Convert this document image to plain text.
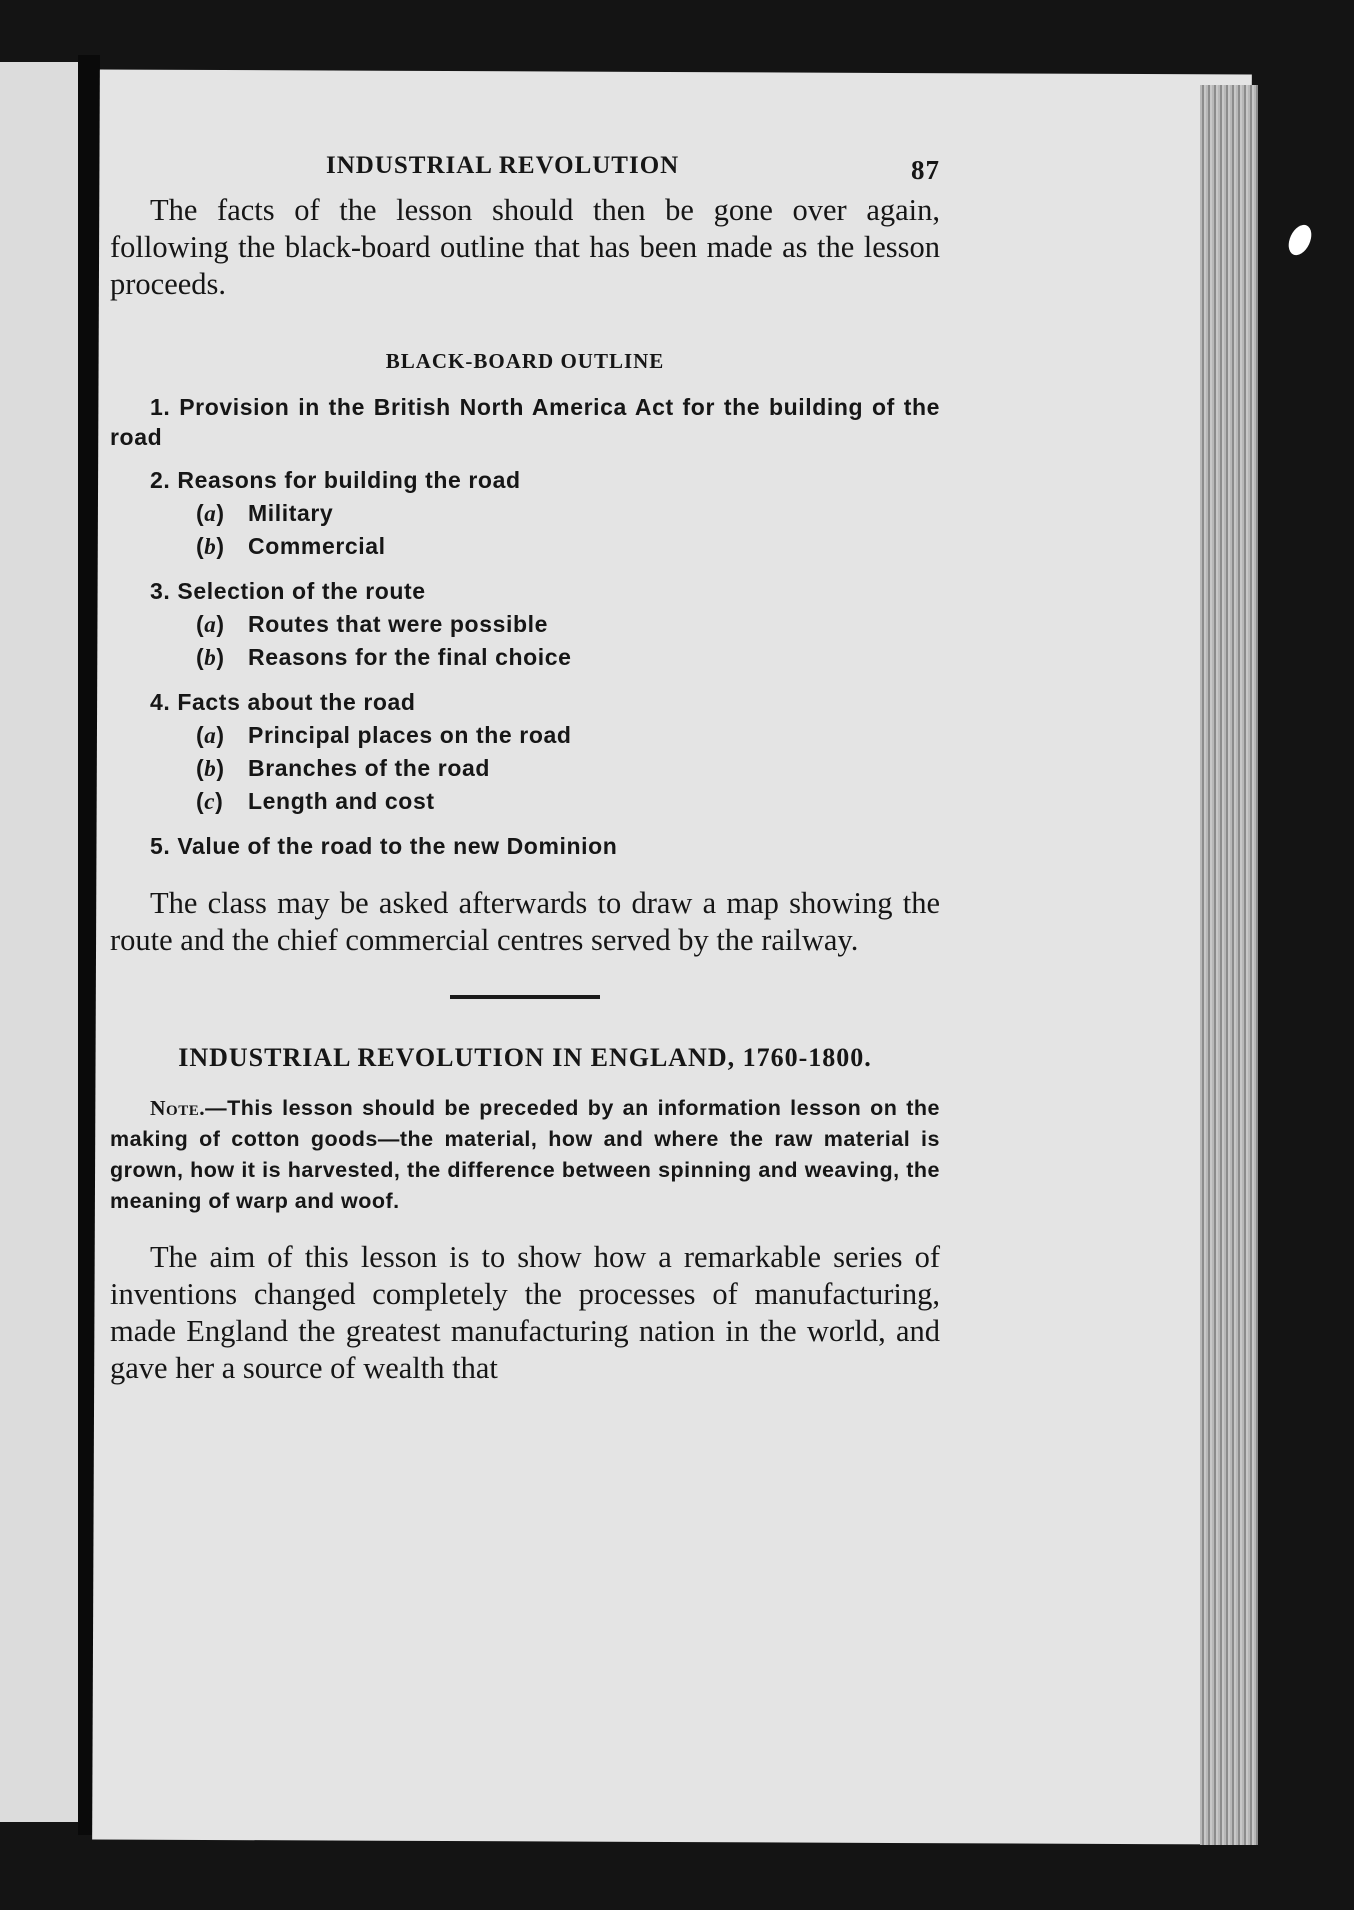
INDUSTRIAL REVOLUTION	87

The facts of the lesson should then be gone over again, following the black-board outline that has been made as the lesson proceeds.

BLACK-BOARD OUTLINE
1. Provision in the British North America Act for the building of the road
2. Reasons for building the road
(a) Military
(b) Commercial
3. Selection of the route
(a) Routes that were possible
(b) Reasons for the final choice
4. Facts about the road
(a) Principal places on the road
(b) Branches of the road
(c) Length and cost
5. Value of the road to the new Dominion

The class may be asked afterwards to draw a map showing the route and the chief commercial centres served by the railway.

INDUSTRIAL REVOLUTION IN ENGLAND, 1760-1800.
Note.—This lesson should be preceded by an information lesson on the making of cotton goods—the material, how and where the raw material is grown, how it is harvested, the difference between spinning and weaving, the meaning of warp and woof.

The aim of this lesson is to show how a remarkable series of inventions changed completely the processes of manufacturing, made England the greatest manufacturing nation in the world, and gave her a source of wealth that
